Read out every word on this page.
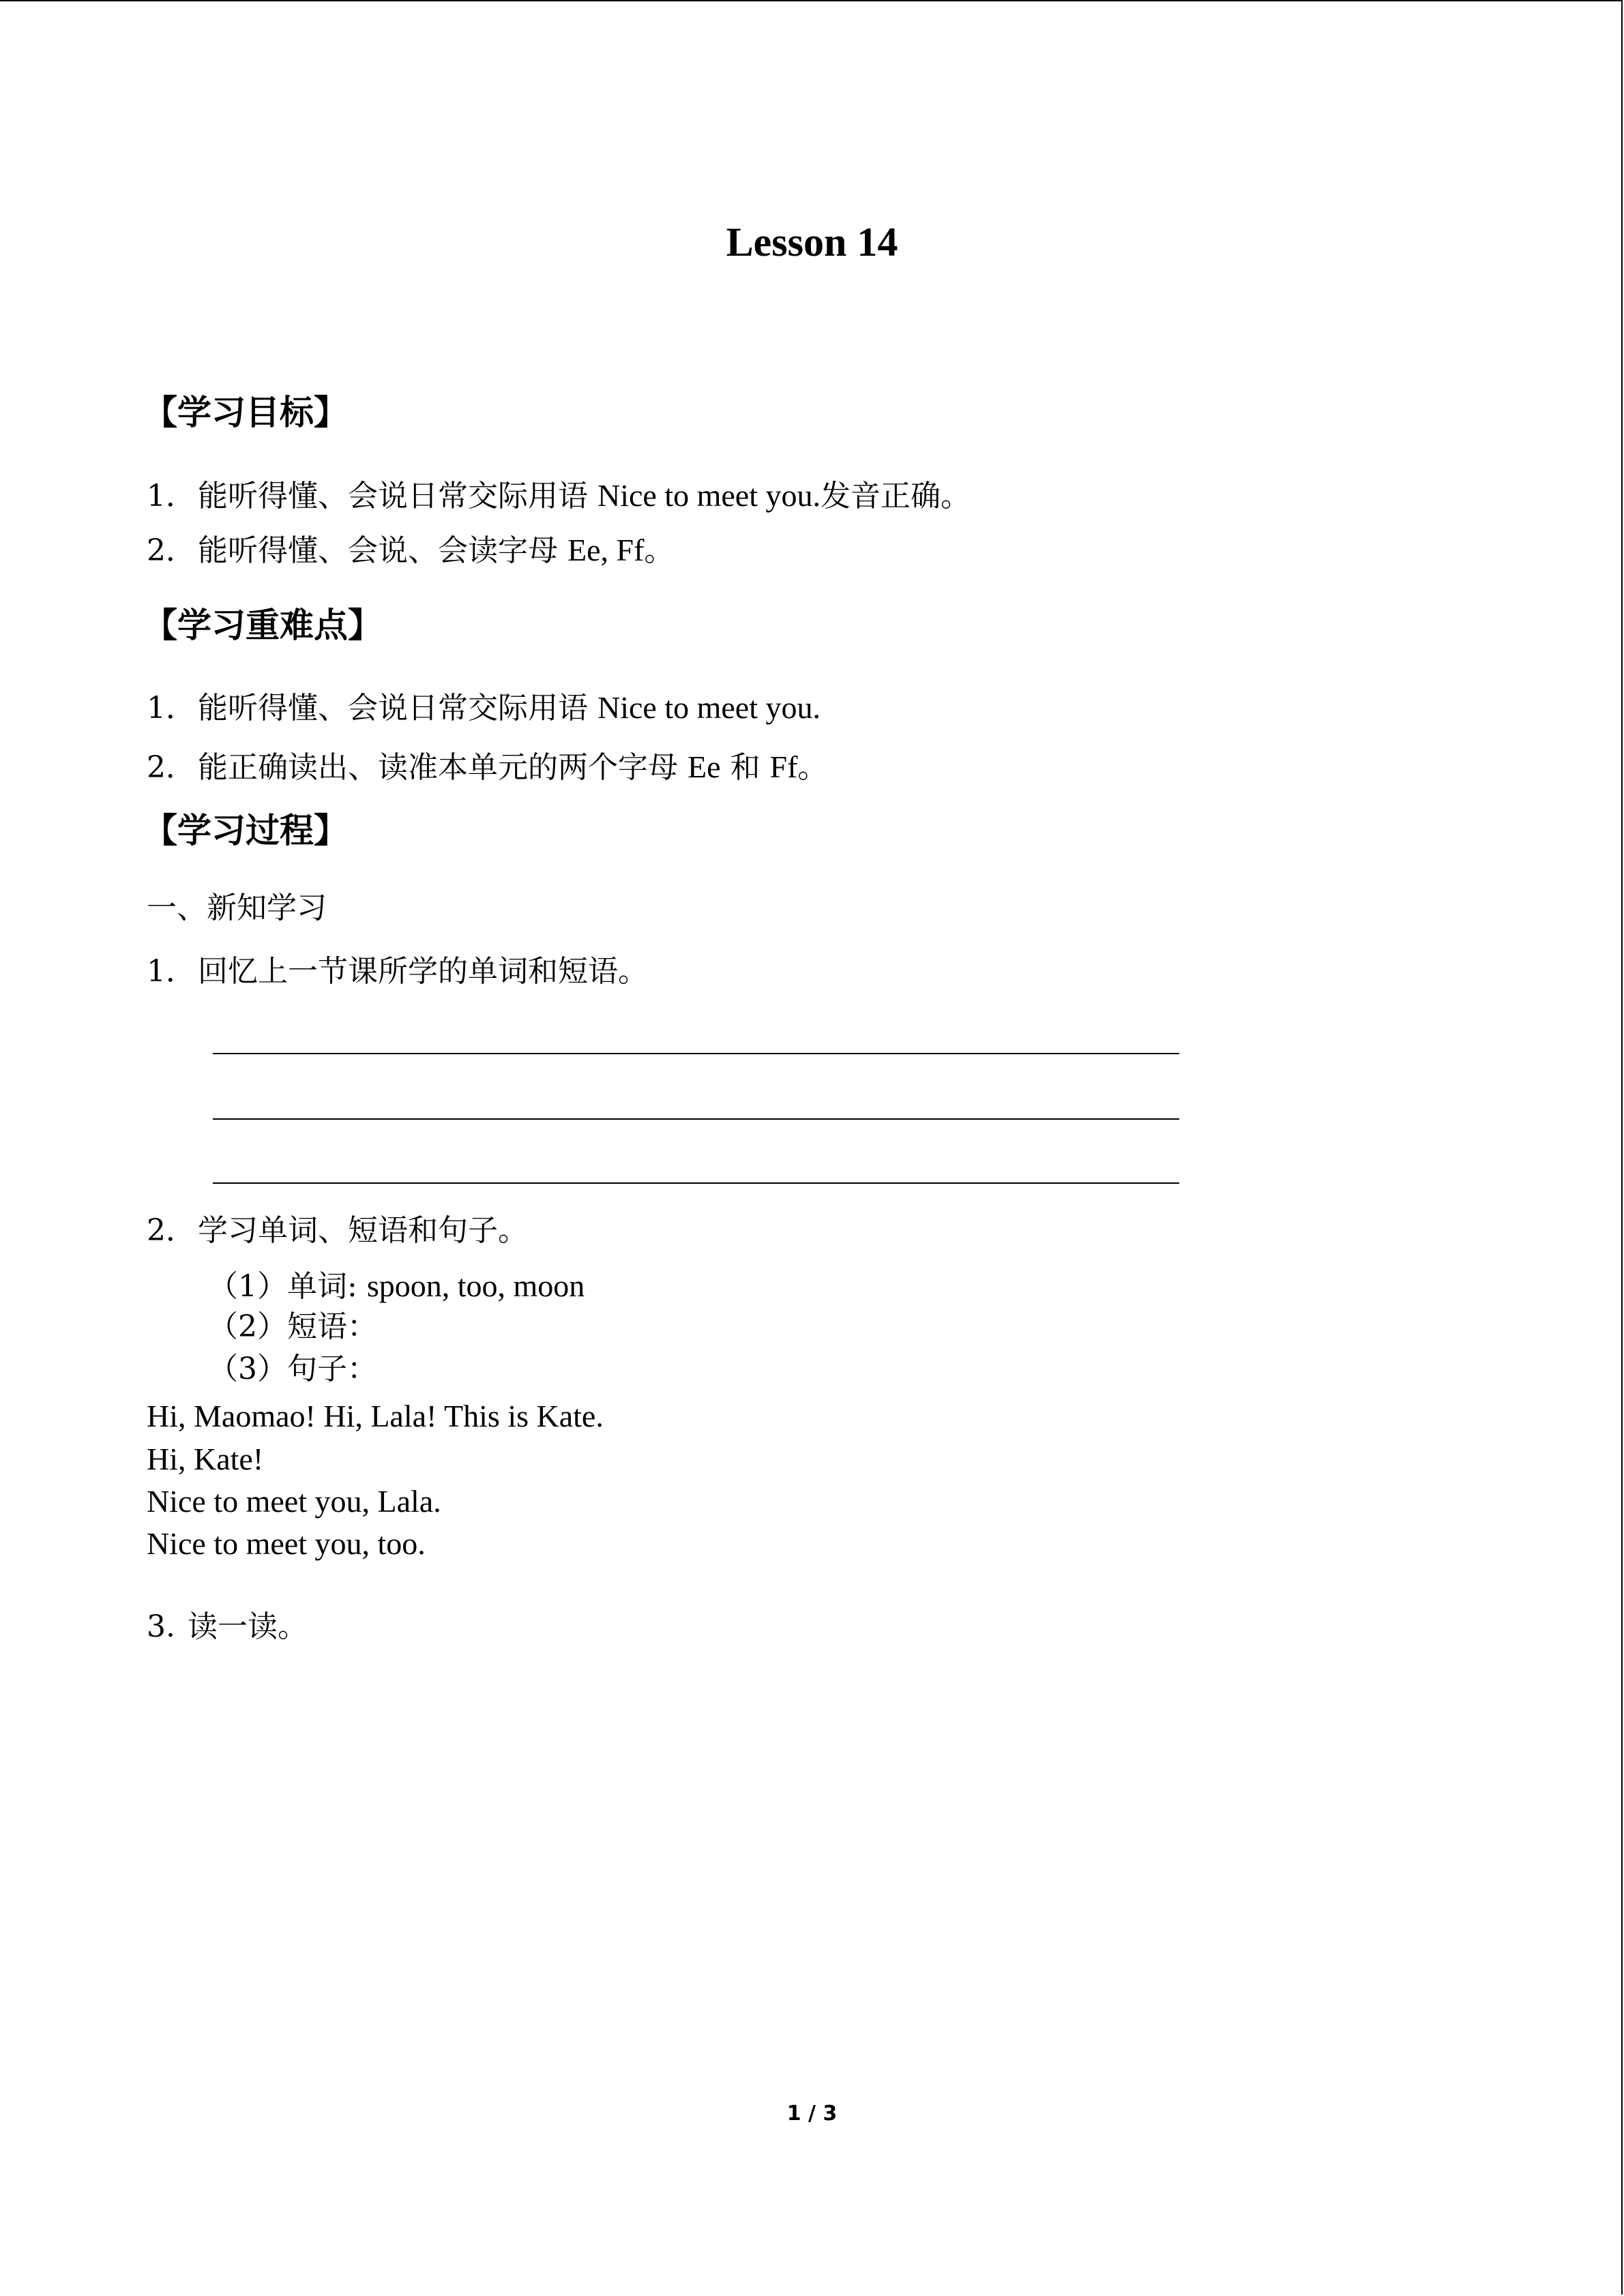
Lesson 14
【学习目标】
1．能听得懂、会说日常交际用语 Nice to meet you.发音正确。
2．能听得懂、会说、会读字母 Ee, Ff。
【学习重难点】
1．能听得懂、会说日常交际用语 Nice to meet you.
2．能正确读出、读准本单元的两个字母 Ee 和 Ff。
【学习过程】
一、新知学习
1．回忆上一节课所学的单词和短语。
2．学习单词、短语和句子。
（1）单词: spoon, too, moon
（2）短语：
（3）句子：
Hi, Maomao! Hi, Lala! This is Kate.
Hi, Kate!
Nice to meet you, Lala.
Nice to meet you, too.
3. 读一读。
1 / 3
